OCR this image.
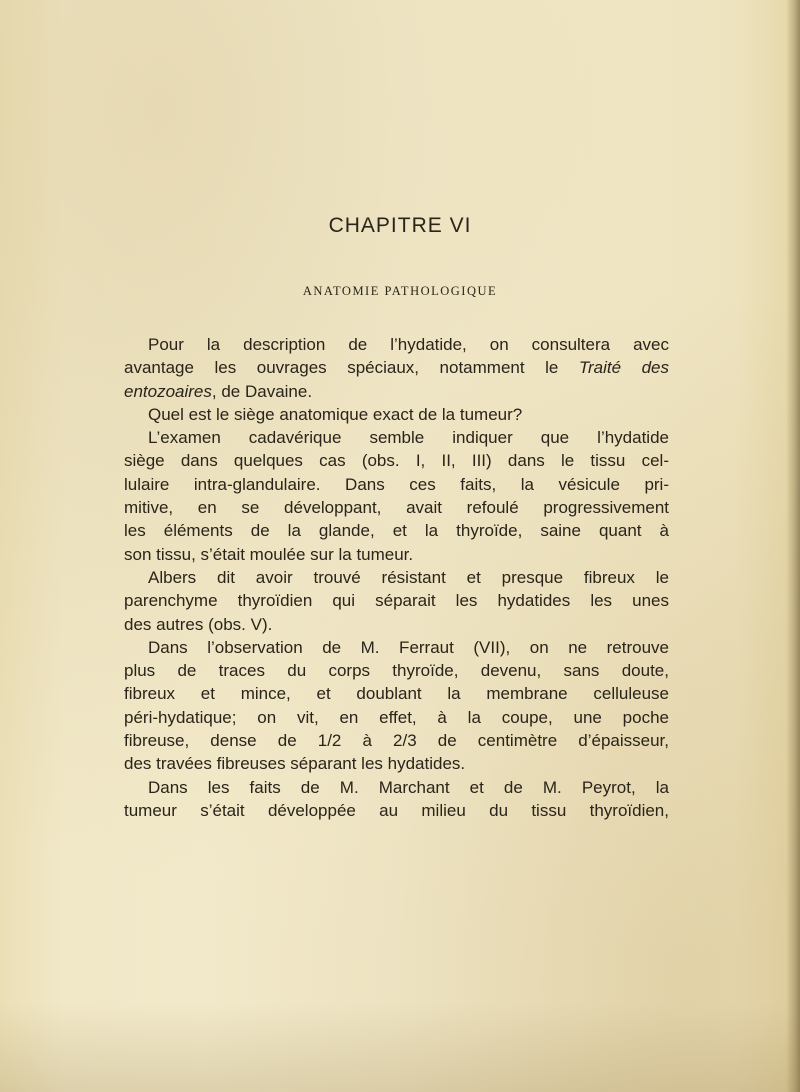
CHAPITRE VI
ANATOMIE PATHOLOGIQUE
Pour la description de l’hydatide, on consultera avec
avantage les ouvrages spéciaux, notamment le Traité des
entozoaires, de Davaine.
Quel est le siège anatomique exact de la tumeur?
L’examen cadavérique semble indiquer que l’hydatide
siège dans quelques cas (obs. I, II, III) dans le tissu cel-
lulaire intra-glandulaire. Dans ces faits, la vésicule pri-
mitive, en se développant, avait refoulé progressivement
les éléments de la glande, et la thyroïde, saine quant à
son tissu, s’était moulée sur la tumeur.
Albers dit avoir trouvé résistant et presque fibreux le
parenchyme thyroïdien qui séparait les hydatides les unes
des autres (obs. V).
Dans l’observation de M. Ferraut (VII), on ne retrouve
plus de traces du corps thyroïde, devenu, sans doute,
fibreux et mince, et doublant la membrane celluleuse
péri-hydatique; on vit, en effet, à la coupe, une poche
fibreuse, dense de 1/2 à 2/3 de centimètre d’épaisseur,
des travées fibreuses séparant les hydatides.
Dans les faits de M. Marchant et de M. Peyrot, la
tumeur s’était développée au milieu du tissu thyroïdien,
